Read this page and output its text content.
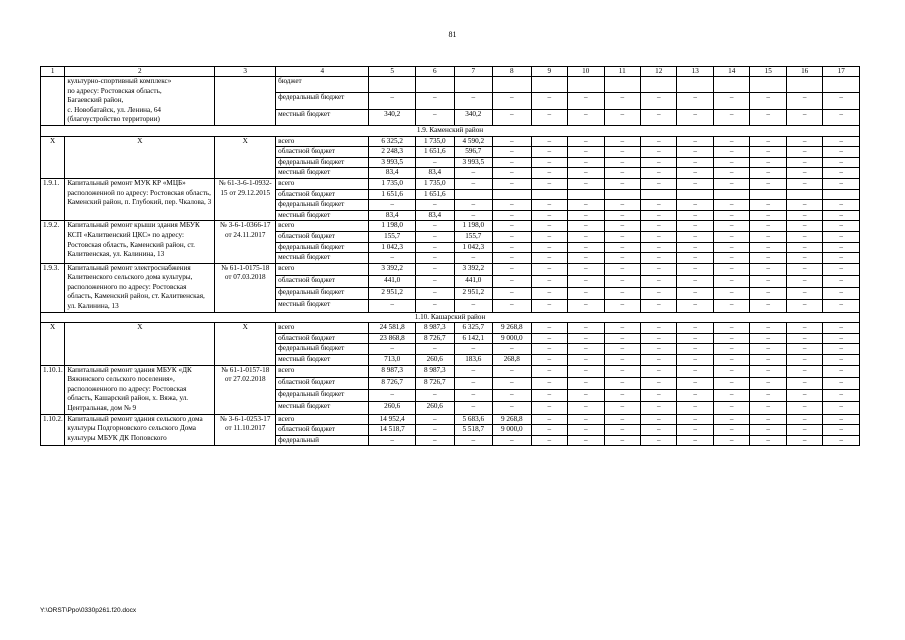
81
1	2	3	4	5	6	7	8	9	10	11	12	13	14	15	16	17

	культурно-спортивный комплекс»
по адресу: Ростовская область,
Багаевский район,
с. Новобатайск, ул. Ленина, 64
(благоустройство территории)		бюджет													
			федеральный бюджет	–	–	–	–	–	–	–	–	–	–	–	–	–
			местный бюджет	340,2	–	340,2	–	–	–	–	–	–	–	–	–	–
1.9. Каменский район																
Х	Х	Х	всего	6 325,2	1 735,0	4 590,2	–	–	–	–	–	–	–	–	–	–
			областной бюджет	2 248,3	1 651,6	596,7	–	–	–	–	–	–	–	–	–	–
			федеральный бюджет	3 993,5	–	3 993,5	–	–	–	–	–	–	–	–	–	–
			местный бюджет	83,4	83,4	–	–	–	–	–	–	–	–	–	–	–
1.9.1.	Капитальный ремонт МУК КР «МЦБ» расположенной по адресу: Ростовская область, Каменский район, п. Глубокий, пер. Чкалова, 3	№ 61-3-6-1-0932-15 от 29.12.2015	всего	1 735,0	1 735,0	–	–	–	–	–	–	–	–	–	–	–
			областной бюджет	1 651,6	1 651,6											
			федеральный бюджет	–	–	–	–	–	–	–	–	–	–	–	–	–
			местный бюджет	83,4	83,4	–	–	–	–	–	–	–	–	–	–	–
1.9.2.	Капитальный ремонт крыши здания МБУК КСП «Калитвенский ЦКС» по адресу: Ростовская область, Каменский район, ст. Калитвенская, ул. Калинина, 13	№ 3-6-1-0366-17 от 24.11.2017	всего	1 198,0	–	1 198,0	–	–	–	–	–	–	–	–	–	–
			областной бюджет	155,7	–	155,7	–	–	–	–	–	–	–	–	–	–
			федеральный бюджет	1 042,3	–	1 042,3	–	–	–	–	–	–	–	–	–	–
			местный бюджет	–	–	–	–	–	–	–	–	–	–	–	–	–
1.9.3.	Капитальный ремонт электроснабжения Калитвенского сельского дома культуры, расположенного по адресу: Ростовская область, Каменский район, ст. Калитвенская, ул. Калинина, 13	№ 61-1-0175-18 от 07.03.2018	всего	3 392,2	–	3 392,2	–	–	–	–	–	–	–	–	–	–
			областной бюджет	441,0	–	441,0	–	–	–	–	–	–	–	–	–	–
			федеральный бюджет	2 951,2	–	2 951,2	–	–	–	–	–	–	–	–	–	–
			местный бюджет	–	–	–	–	–	–	–	–	–	–	–	–	–
1.10. Кашарский район																
Х	Х	Х	всего	24 581,8	8 987,3	6 325,7	9 268,8	–	–	–	–	–	–	–	–	–
			областной бюджет	23 868,8	8 726,7	6 142,1	9 000,0	–	–	–	–	–	–	–	–	–
			федеральный бюджет	–	–	–	–	–	–	–	–	–	–	–	–	–
			местный бюджет	713,0	260,6	183,6	268,8	–	–	–	–	–	–	–	–	–
1.10.1.	Капитальный ремонт здания МБУК «ДК Вяжинского сельского поселения», расположенного по адресу: Ростовская область, Кашарский район, х. Вяжа, ул. Центральная, дом № 9	№ 61-1-0157-18 от 27.02.2018	всего	8 987,3	8 987,3	–	–	–	–	–	–	–	–	–	–	–
			областной бюджет	8 726,7	8 726,7	–	–	–	–	–	–	–	–	–	–	–
			федеральный бюджет	–	–	–	–	–	–	–	–	–	–	–	–	–
			местный бюджет	260,6	260,6	–	–	–	–	–	–	–	–	–	–	–
1.10.2.	Капитальный ремонт здания сельского дома культуры Подгорновского сельского Дома культуры МБУК ДК Поповского	№ 3-6-1-0253-17 от 11.10.2017	всего	14 952,4	–	5 683,6	9 268,8	–	–	–	–	–	–	–	–	–
			областной бюджет	14 518,7	–	5 518,7	9 000,0	–	–	–	–	–	–	–	–	–
			федеральный	–	–	–	–	–	–	–	–	–	–	–	–	–
Y:\ORST\Ppo\0330p261.f20.docx
